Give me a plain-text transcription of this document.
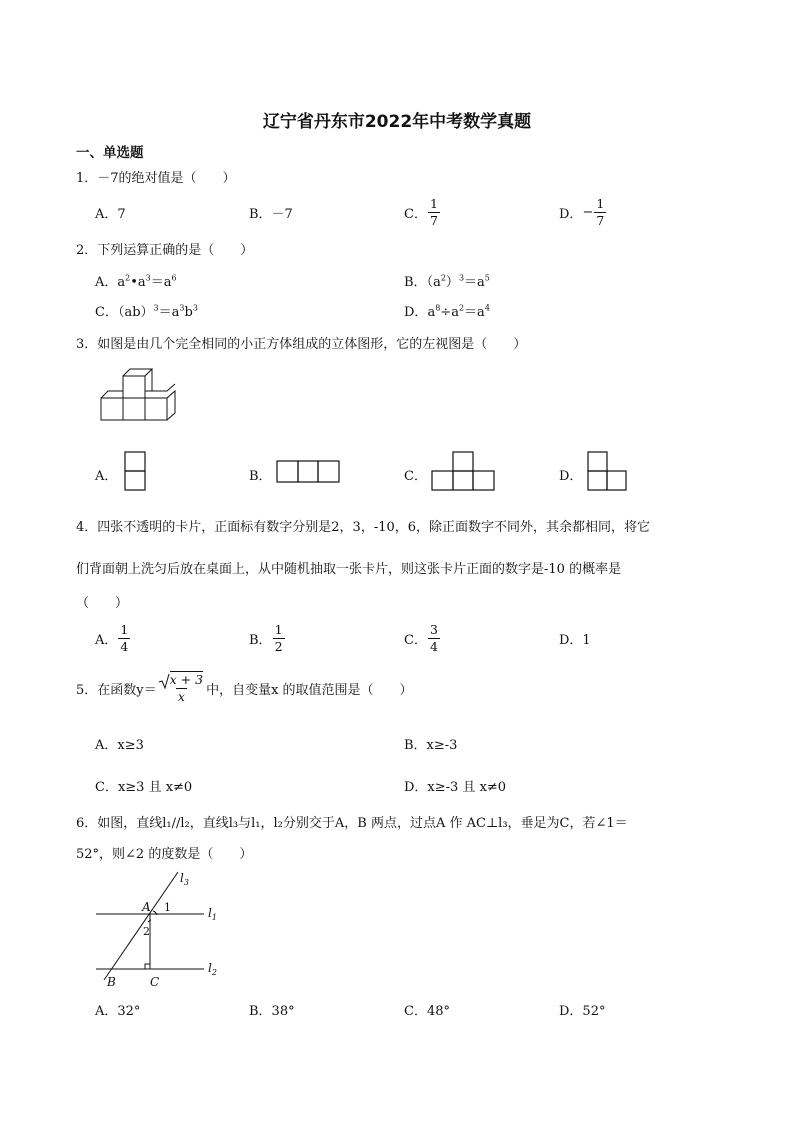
辽宁省丹东市2022年中考数学真题
一、单选题
1．－7的绝对值是（　　）
A．7	B．－7	C． $\frac{1}{7}$	D． − $\frac{1}{7}$
2．下列运算正确的是（　　）
A．$a^2•a^3=a^6$	B．$(a^2)^3=a^5$
C．$(ab)^3=a^3b^3$	D．$a^8\div a^2=a^4$
3．如图是由几个完全相同的小正方体组成的立体图形，它的左视图是（　　）
A．	B．	C．	D．
4．四张不透明的卡片，正面标有数字分别是2，3，-10，6，除正面数字不同外，其余都相同，将它
们背面朝上洗匀后放在桌面上，从中随机抽取一张卡片，则这张卡片正面的数字是-10 的概率是
（　　）
A． $\frac{1}{4}$	B． $\frac{1}{2}$	C． $\frac{3}{4}$	D．1
5．在函数$y= \frac{x + 3}{x}$ 中，自变量x 的取值范围是（　　）
A．x≥3	B．x≥-3
C．x≥3 且 x≠0	D．x≥-3 且 x≠0
6．如图，直线l₁//l₂，直线l₃与l₁，l₂分别交于A，B 两点，过点A 作 AC⊥l₃，垂足为C，若∠1＝
52°，则∠2 的度数是（　　）
$l_3$
$l_1$
$l_2$
A
B	C
1
2
A．32°	B．38°	C．48°	D．52°
